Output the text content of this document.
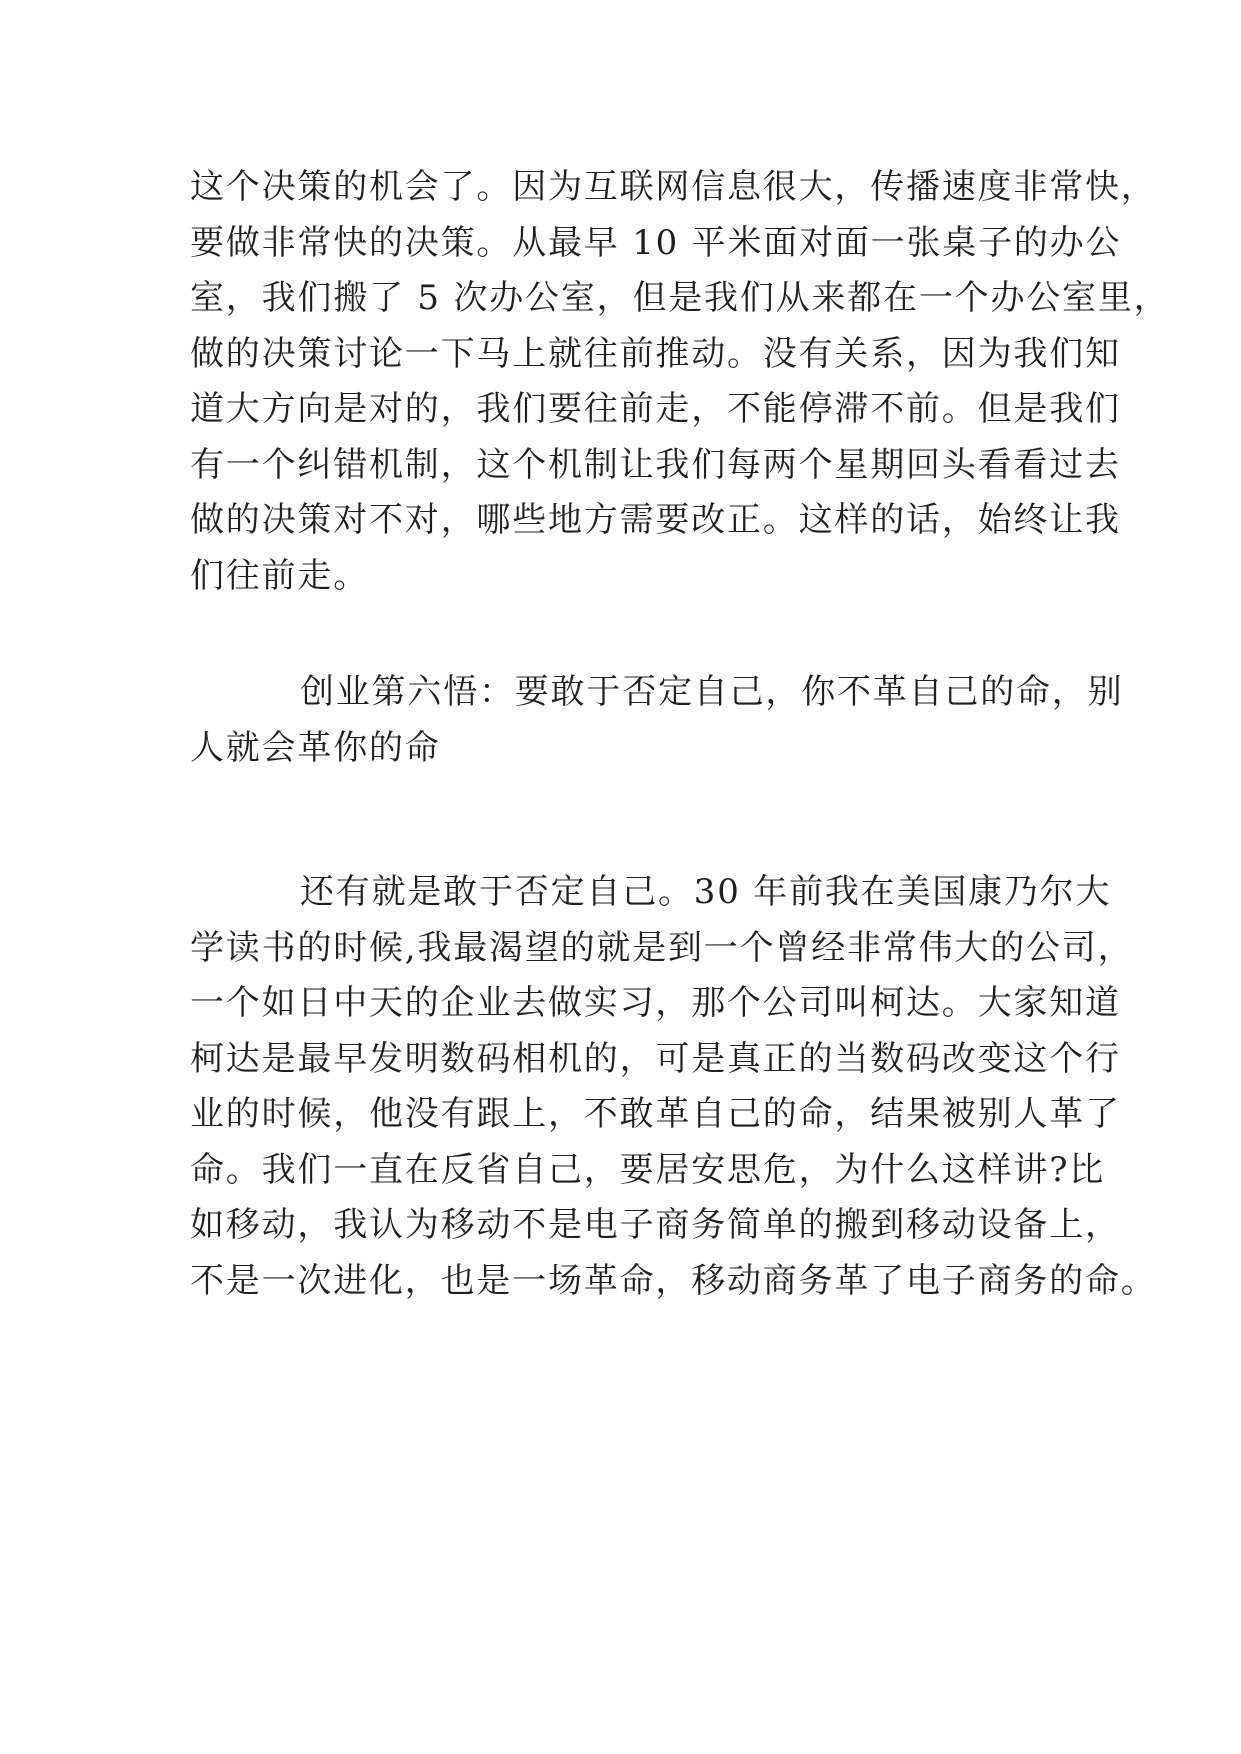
这个决策的机会了。因为互联网信息很大，传播速度非常快，
要做非常快的决策。从最早 10 平米面对面一张桌子的办公
室，我们搬了 5 次办公室，但是我们从来都在一个办公室里，
做的决策讨论一下马上就往前推动。没有关系，因为我们知
道大方向是对的，我们要往前走，不能停滞不前。但是我们
有一个纠错机制，这个机制让我们每两个星期回头看看过去
做的决策对不对，哪些地方需要改正。这样的话，始终让我
们往前走。
创业第六悟：要敢于否定自己，你不革自己的命，别
人就会革你的命
还有就是敢于否定自己。30 年前我在美国康乃尔大
学读书的时候,我最渴望的就是到一个曾经非常伟大的公司，
一个如日中天的企业去做实习，那个公司叫柯达。大家知道
柯达是最早发明数码相机的，可是真正的当数码改变这个行
业的时候，他没有跟上，不敢革自己的命，结果被别人革了
命。我们一直在反省自己，要居安思危，为什么这样讲?比
如移动，我认为移动不是电子商务简单的搬到移动设备上，
不是一次进化，也是一场革命，移动商务革了电子商务的命。
